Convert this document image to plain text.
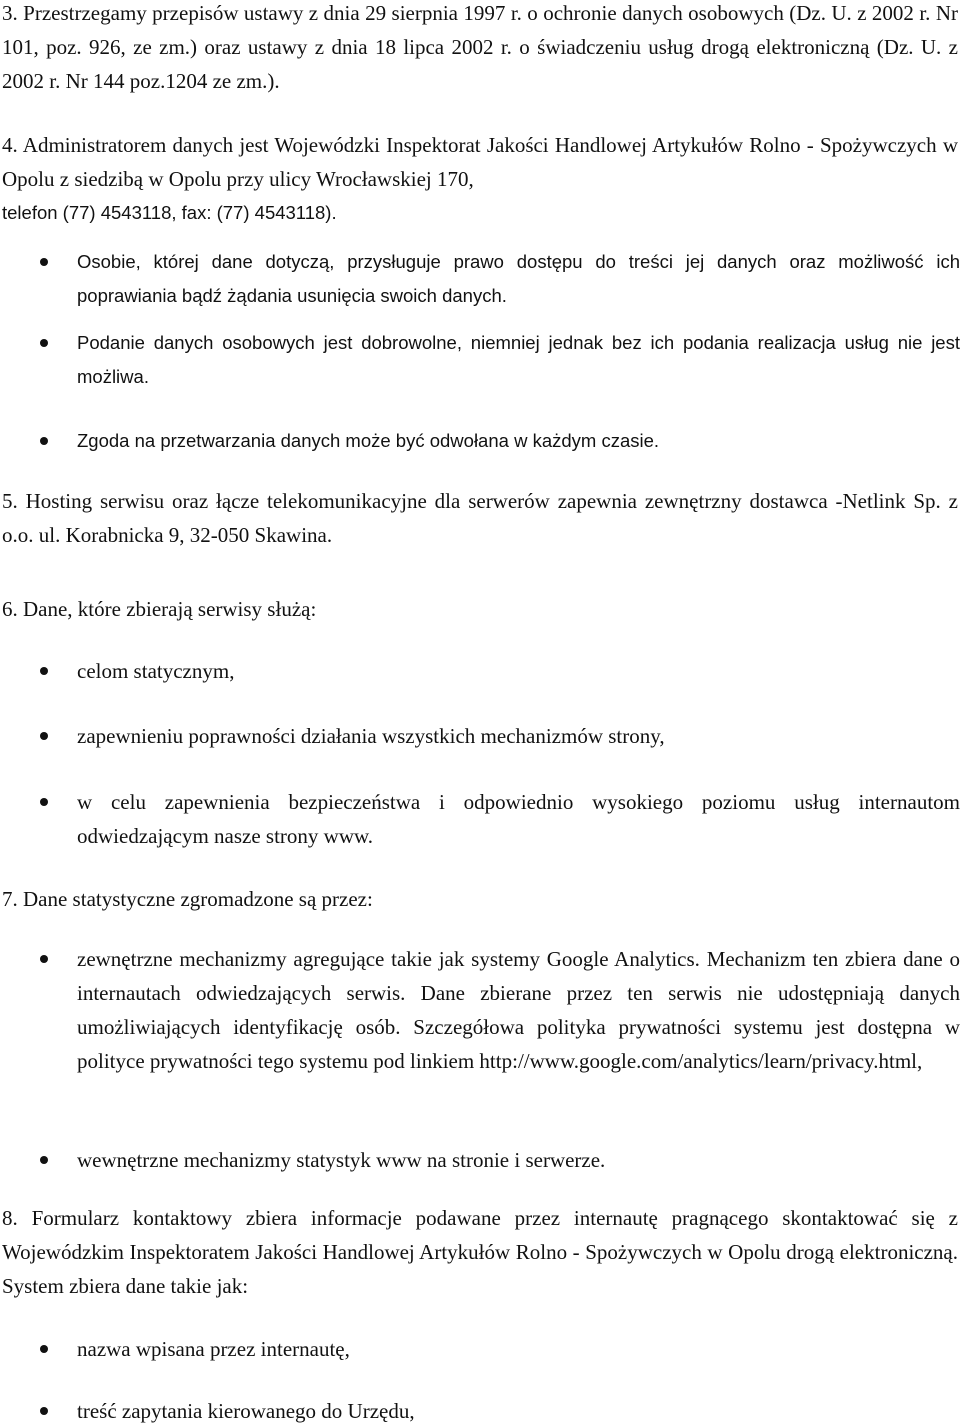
3. Przestrzegamy przepisów ustawy z dnia 29 sierpnia 1997 r. o ochronie danych osobowych (Dz. U. z 2002 r. Nr 101, poz. 926, ze zm.) oraz ustawy z dnia 18 lipca 2002 r. o świadczeniu usług drogą elektroniczną (Dz. U. z 2002 r. Nr 144 poz.1204 ze zm.).

4. Administratorem danych jest Wojewódzki Inspektorat Jakości Handlowej Artykułów Rolno - Spożywczych w Opolu z siedzibą w Opolu przy ulicy Wrocławskiej 170,

telefon (77) 4543118, fax: (77) 4543118).

Osobie, której dane dotyczą, przysługuje prawo dostępu do treści jej danych oraz możliwość ich poprawiania bądź żądania usunięcia swoich danych.

Podanie danych osobowych jest dobrowolne, niemniej jednak bez ich podania realizacja usług nie jest możliwa.

Zgoda na przetwarzania danych może być odwołana w każdym czasie.

5. Hosting serwisu oraz łącze telekomunikacyjne dla serwerów zapewnia zewnętrzny dostawca -Netlink Sp. z o.o. ul. Korabnicka 9, 32-050 Skawina.

6. Dane, które zbierają serwisy służą:

celom statycznym,

zapewnieniu poprawności działania wszystkich mechanizmów strony,

w celu zapewnienia bezpieczeństwa i odpowiednio wysokiego poziomu usług internautom odwiedzającym nasze strony www.

7. Dane statystyczne zgromadzone są przez:

zewnętrzne mechanizmy agregujące takie jak systemy Google Analytics. Mechanizm ten zbiera dane o internautach odwiedzających serwis. Dane zbierane przez ten serwis nie udostępniają danych umożliwiających identyfikację osób. Szczegółowa polityka prywatności systemu jest dostępna w polityce prywatności tego systemu pod linkiem http://www.google.com/analytics/learn/privacy.html,

wewnętrzne mechanizmy statystyk www na stronie i serwerze.

8. Formularz kontaktowy zbiera informacje podawane przez internautę pragnącego skontaktować się z Wojewódzkim Inspektoratem Jakości Handlowej Artykułów Rolno - Spożywczych w Opolu drogą elektroniczną. System zbiera dane takie jak:

nazwa wpisana przez internautę,

treść zapytania kierowanego do Urzędu,
